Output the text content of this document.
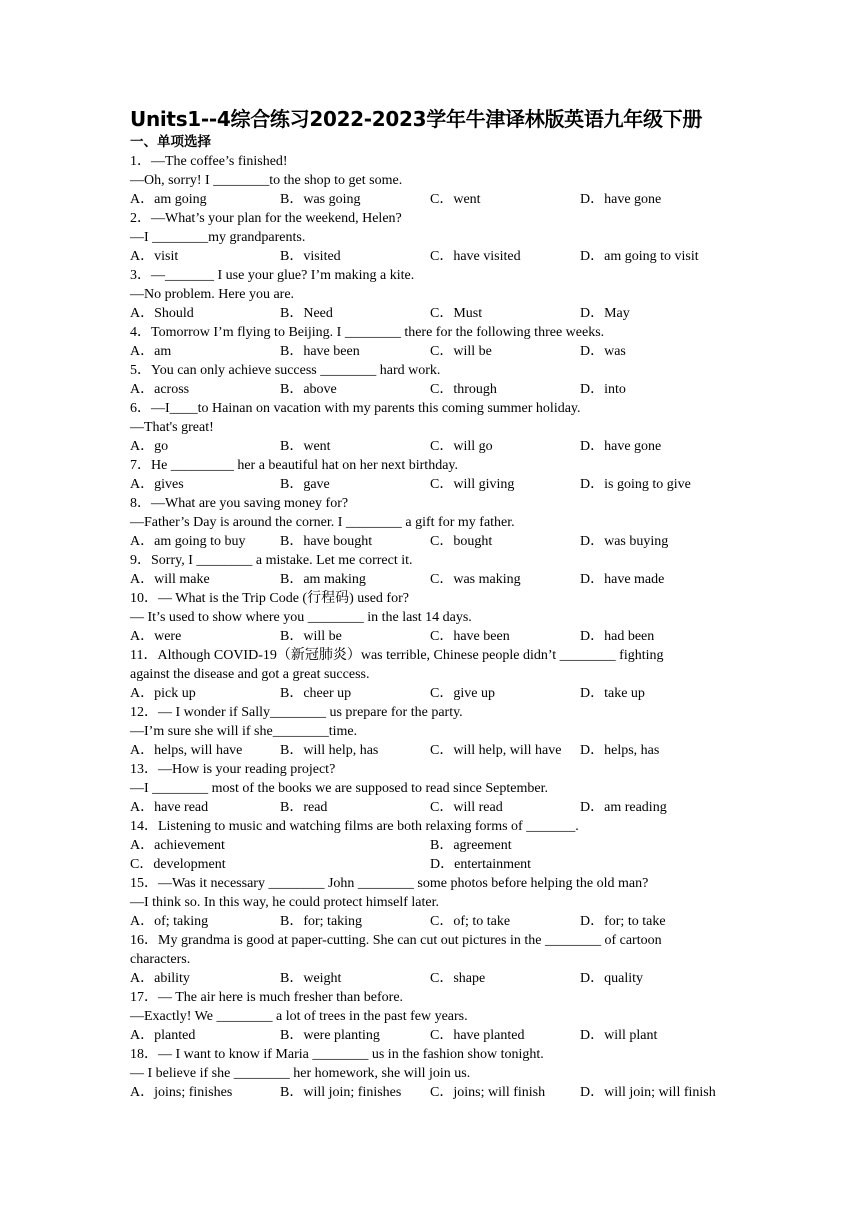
Units1--4综合练习2022-2023学年牛津译林版英语九年级下册
一、单项选择
1．—The coffee’s finished!
—Oh, sorry! I ________to the shop to get some.
A．am going	B．was going	C．went	D．have gone
2．—What’s your plan for the weekend, Helen?
—I ________my grandparents.
A．visit	B．visited	C．have visited	D．am going to visit
3．—_______ I use your glue? I’m making a kite.
—No problem. Here you are.
A．Should	B．Need	C．Must	D．May
4．Tomorrow I’m flying to Beijing. I ________ there for the following three weeks.
A．am	B．have been	C．will be	D．was
5．You can only achieve success ________ hard work.
A．across	B．above	C．through	D．into
6．—I____to Hainan on vacation with my parents this coming summer holiday.
—That's great!
A．go	B．went	C．will go	D．have gone
7．He _________ her a beautiful hat on her next birthday.
A．gives	B．gave	C．will giving	D．is going to give
8．—What are you saving money for?
—Father’s Day is around the corner. I ________ a gift for my father.
A．am going to buy	B．have bought	C．bought	D．was buying
9．Sorry, I ________ a mistake. Let me correct it.
A．will make	B．am making	C．was making	D．have made
10．— What is the Trip Code (行程码) used for?
— It’s used to show where you ________ in the last 14 days.
A．were	B．will be	C．have been	D．had been
11．Although COVID-19（新冠肺炎）was terrible, Chinese people didn’t ________ fighting
against the disease and got a great success.
A．pick up	B．cheer up	C．give up	D．take up
12．— I wonder if Sally________ us prepare for the party.
—I’m sure she will if she________time.
A．helps, will have	B．will help, has	C．will help, will have	D．helps, has
13．—How is your reading project?
—I ________ most of the books we are supposed to read since September.
A．have read	B．read	C．will read	D．am reading
14．Listening to music and watching films are both relaxing forms of _______.
A．achievement	B．agreement
C．development	D．entertainment
15．—Was it necessary ________ John ________ some photos before helping the old man?
—I think so. In this way, he could protect himself later.
A．of; taking	B．for; taking	C．of; to take	D．for; to take
16．My grandma is good at paper-cutting. She can cut out pictures in the ________ of cartoon
characters.
A．ability	B．weight	C．shape	D．quality
17．— The air here is much fresher than before.
—Exactly! We ________ a lot of trees in the past few years.
A．planted	B．were planting	C．have planted	D．will plant
18．— I want to know if Maria ________ us in the fashion show tonight.
— I believe if she ________ her homework, she will join us.
A．joins; finishes	B．will join; finishes	C．joins; will finish	D．will join; will finish
